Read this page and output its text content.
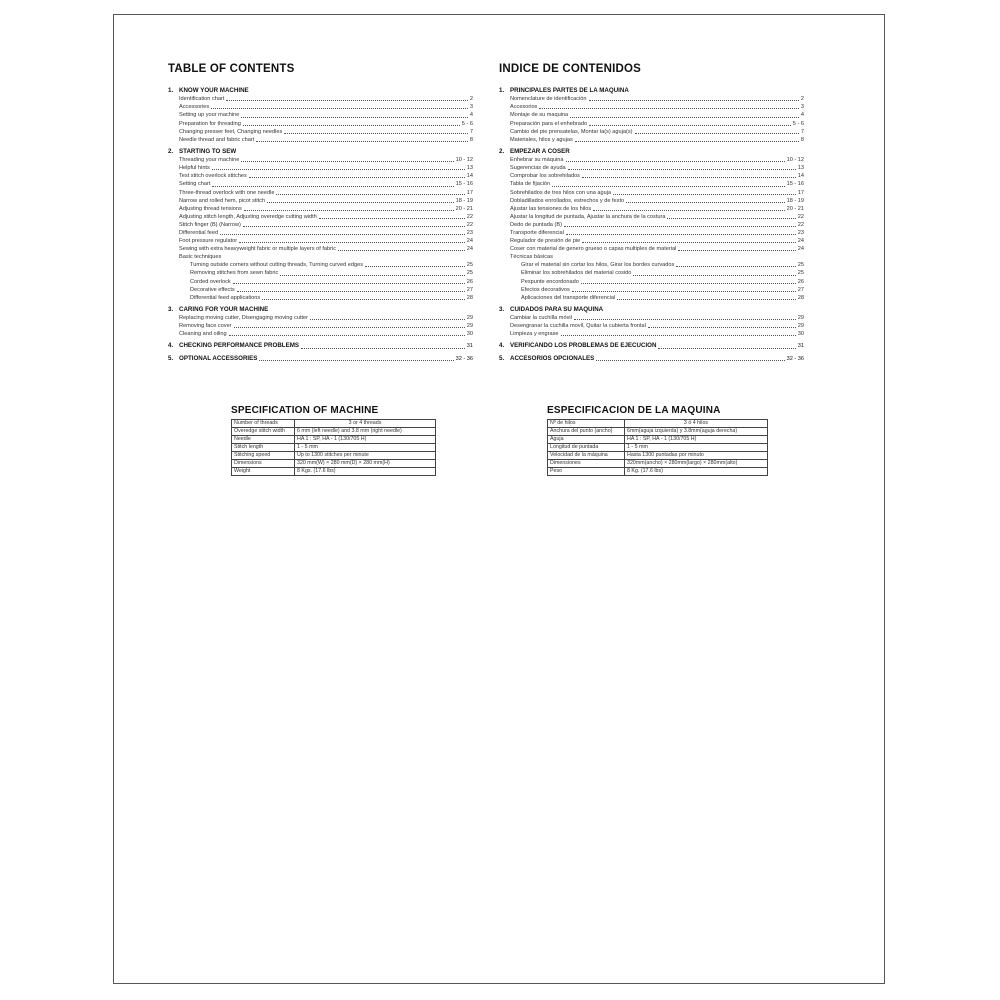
TABLE OF CONTENTS
1. KNOW YOUR MACHINE
Identification chart	2
Accessories	3
Setting up your machine	4
Preparation for threading	5 - 6
Changing presser feet, Changing needles	7
Needle thread and fabric chart	8
2. STARTING TO SEW
Threading your machine	10 - 12
Helpful hints	13
Test stitch overlock stitches	14
Setting chart	15 - 16
Three-thread overlock with one needle	17
Narrow and rolled hem, picot stitch	18 - 19
Adjusting thread tensions	20 - 21
Adjusting stitch length, Adjusting overedge cutting width	22
Stitch finger (B) (Narrow)	22
Differential feed	23
Foot pressure regulator	24
Sewing with extra heavyweight fabric or multiple layers of fabric	24
Basic techniques
Turning outside corners without cutting threads, Turning curved edges	25
Removing stitches from sewn fabric	25
Corded overlock	26
Decorative effects	27
Differential feed applications	28
3. CARING FOR YOUR MACHINE
Replacing moving cutter, Disengaging moving cutter	29
Removing face cover	29
Cleaning and oiling	30
4. CHECKING PERFORMANCE PROBLEMS	31
5. OPTIONAL ACCESSORIES	32 - 36
INDICE DE CONTENIDOS
1. PRINCIPALES PARTES DE LA MAQUINA
Nomenclature de identificación	2
Accesorios	3
Montaje de su maquina	4
Preparación para el enhebrado	5 - 6
Cambio del pie prensatelas, Montar la(s) aguja(s)	7
Materiales, hilos y agujas	8
2. EMPEZAR A COSER
Enhebrar su máquina	10 - 12
Sugerencias de ayuda	13
Comprobar los sobrehilados	14
Tabla de fijación	15 - 16
Sobrehilados de tres hilos con una aguja	17
Dobladillados enrollados, estrechos y de festo	18 - 19
Ajustar las tensiones de los hilos	20 - 21
Ajustar la longitud de puntada, Ajustar la anchura de la costura	22
Dedo de puntada (B)	22
Transporte diferencial	23
Regulador de presión de pie	24
Coser con material de genero grueso o capas multiples de material	24
Técnicas básicas
Girar el material sin cortar los hilos, Girar los bordes curvados	25
Eliminar los sobrehilados del material cosido	25
Pespunte encordonado	26
Efectos decorativos	27
Aplicaciones del transporte diferencial	28
3. CUIDADOS PARA SU MAQUINA
Cambiar la cuchilla móvil	29
Desengranar la cuchilla movil, Quitar la cubierta frontal	29
Limpieza y engrase	30
4. VERIFICANDO LOS PROBLEMAS DE EJECUCION	31
5. ACCESORIOS OPCIONALES	32 - 36
SPECIFICATION OF MACHINE
Number of threads	3 or 4 threads
Overedge stitch width	6 mm (left needle) and 3.8 mm (right needle)
Needle	HA 1 : SP, HA - 1 (130/705 H)
Stitch length	1 - 5 mm
Stitching speed	Up to 1300 stitches per minute
Dimensions	320 mm(W) × 280 mm(D) × 280 mm(H)
Weight	8 Kgs. (17.6 lbs)
ESPECIFICACION DE LA MAQUINA
Nº de hilos	3 ó 4 hilos
Anchura del punto (ancho)	6mm(aguja izquierda) y 3.8mm(aguja derecha)
Aguja	HA 1 : SP, HA - 1 (130/705 H)
Longitud de puntada	1 - 5 mm
Velocidad de la máquina	Hasta 1300 puntadas por minuto
Dimensiones	320mm(ancho) × 280mm(largo) × 280mm(alto)
Peso	8 Kg. (17.6 lbs)
